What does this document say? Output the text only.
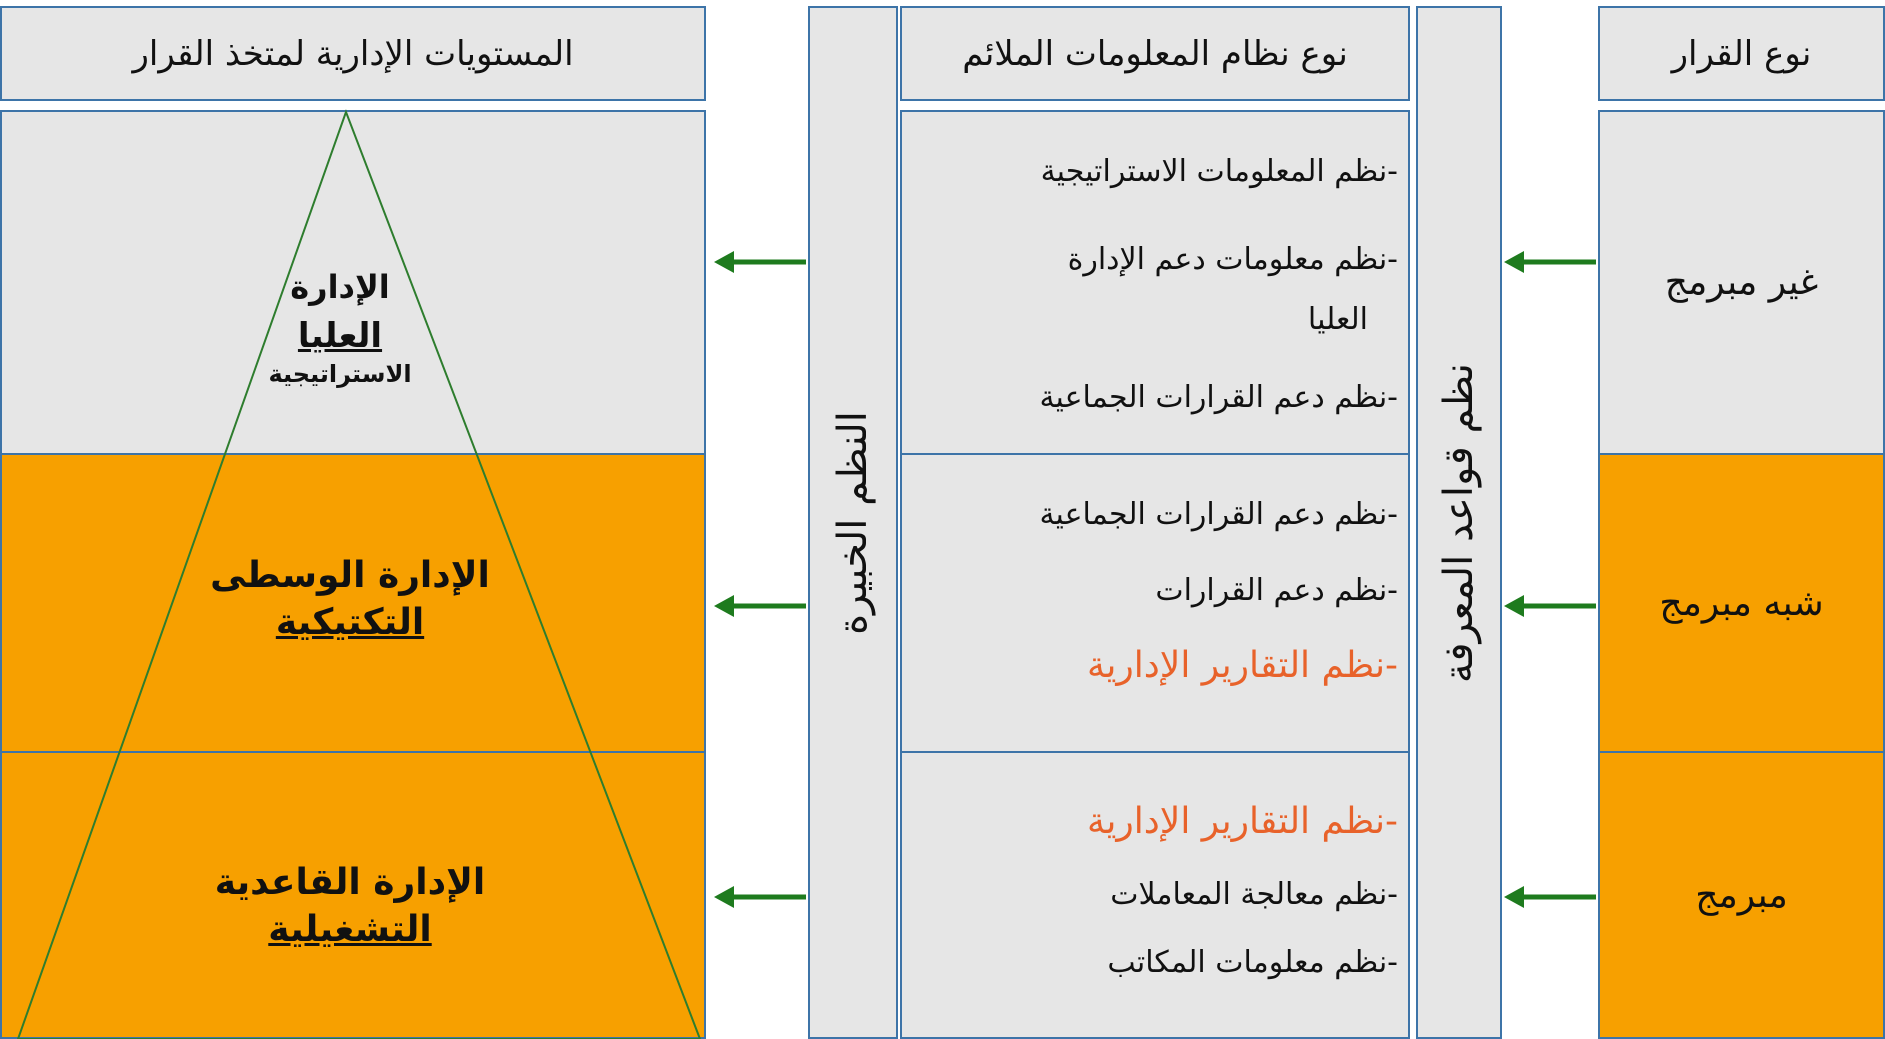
المستويات الإدارية لمتخذ القرار
الإدارة
العليا
الاستراتيجية
الإدارة الوسطى
التكتيكية
الإدارة القاعدية
التشغيلية
النظم الخبيرة
نوع نظام المعلومات الملائم
-نظم المعلومات الاستراتيجية
-نظم معلومات دعم الإدارة
العليا
-نظم دعم القرارات الجماعية
-نظم دعم القرارات الجماعية
-نظم دعم القرارات
-نظم التقارير الإدارية
-نظم التقارير الإدارية
-نظم معالجة المعاملات
-نظم معلومات المكاتب
نظم قواعد المعرفة
نوع القرار
غير مبرمج
شبه مبرمج
مبرمج
